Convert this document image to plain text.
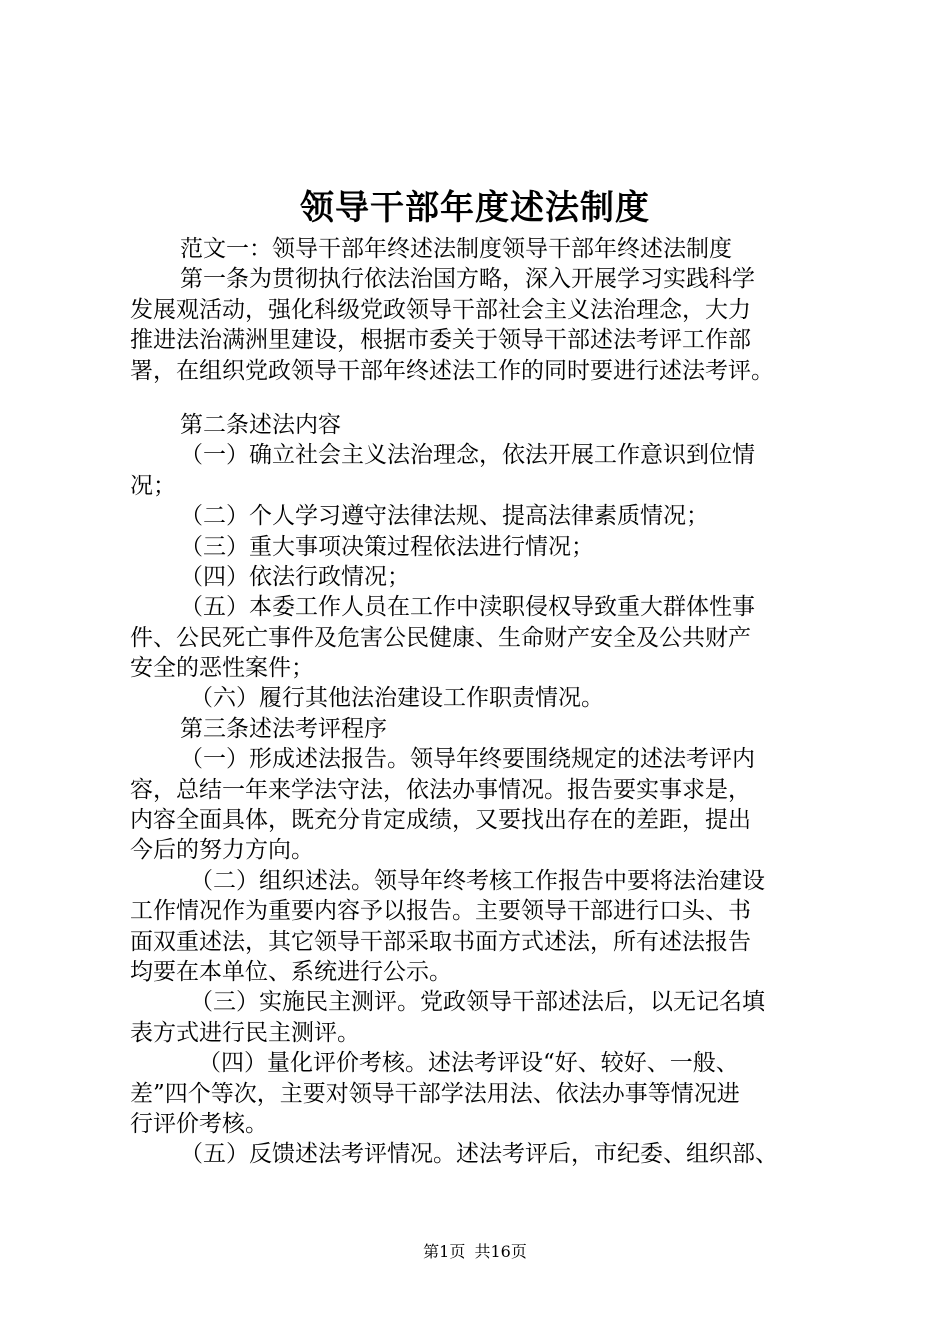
领导干部年度述法制度
范文一：领导干部年终述法制度领导干部年终述法制度
第一条为贯彻执行依法治国方略，深入开展学习实践科学
发展观活动，强化科级党政领导干部社会主义法治理念，大力
推进法治满洲里建设，根据市委关于领导干部述法考评工作部
署，在组织党政领导干部年终述法工作的同时要进行述法考评。
第二条述法内容
（一）确立社会主义法治理念，依法开展工作意识到位情
况；
（二）个人学习遵守法律法规、提高法律素质情况；
（三）重大事项决策过程依法进行情况；
（四）依法行政情况；
（五）本委工作人员在工作中渎职侵权导致重大群体性事
件、公民死亡事件及危害公民健康、生命财产安全及公共财产
安全的恶性案件；
（六）履行其他法治建设工作职责情况。
第三条述法考评程序
（一）形成述法报告。领导年终要围绕规定的述法考评内
容，总结一年来学法守法，依法办事情况。报告要实事求是，
内容全面具体，既充分肯定成绩，又要找出存在的差距，提出
今后的努力方向。
（二）组织述法。领导年终考核工作报告中要将法治建设
工作情况作为重要内容予以报告。主要领导干部进行口头、书
面双重述法，其它领导干部采取书面方式述法，所有述法报告
均要在本单位、系统进行公示。
（三）实施民主测评。党政领导干部述法后，以无记名填
表方式进行民主测评。
（四）量化评价考核。述法考评设“好、较好、一般、
差”四个等次，主要对领导干部学法用法、依法办事等情况进
行评价考核。
（五）反馈述法考评情况。述法考评后，市纪委、组织部、
第1页 共16页
